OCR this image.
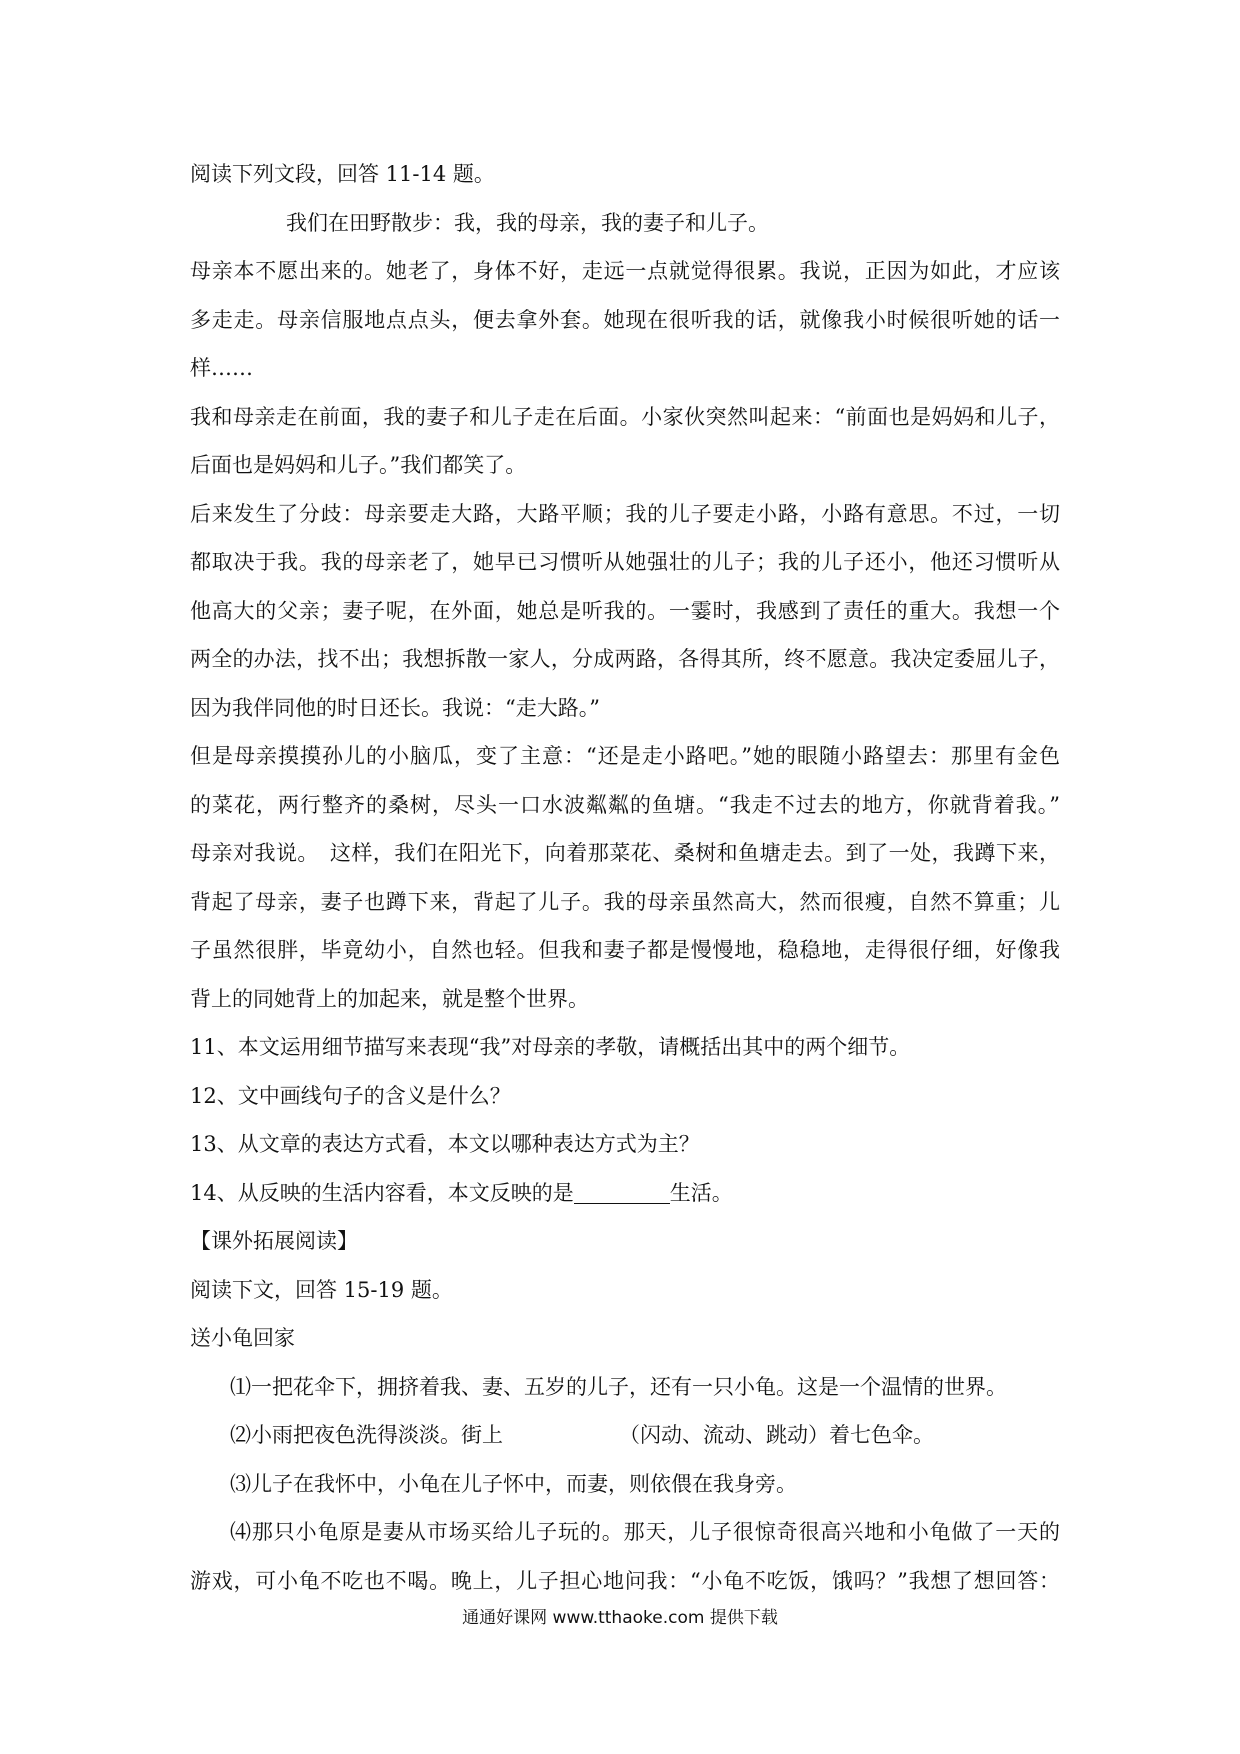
阅读下列文段，回答 11-14 题。
我们在田野散步：我，我的母亲，我的妻子和儿子。
母亲本不愿出来的。她老了，身体不好，走远一点就觉得很累。我说，正因为如此，才应该
多走走。母亲信服地点点头，便去拿外套。她现在很听我的话，就像我小时候很听她的话一
样……
我和母亲走在前面，我的妻子和儿子走在后面。小家伙突然叫起来：“前面也是妈妈和儿子，
后面也是妈妈和儿子。”我们都笑了。
后来发生了分歧：母亲要走大路，大路平顺；我的儿子要走小路，小路有意思。不过，一切
都取决于我。我的母亲老了，她早已习惯听从她强壮的儿子；我的儿子还小，他还习惯听从
他高大的父亲；妻子呢，在外面，她总是听我的。一霎时，我感到了责任的重大。我想一个
两全的办法，找不出；我想拆散一家人，分成两路，各得其所，终不愿意。我决定委屈儿子，
因为我伴同他的时日还长。我说：“走大路。”
但是母亲摸摸孙儿的小脑瓜，变了主意：“还是走小路吧。”她的眼随小路望去：那里有金色
的菜花，两行整齐的桑树，尽头一口水波粼粼的鱼塘。“我走不过去的地方，你就背着我。”
母亲对我说。　这样，我们在阳光下，向着那菜花、桑树和鱼塘走去。到了一处，我蹲下来，
背起了母亲，妻子也蹲下来，背起了儿子。我的母亲虽然高大，然而很瘦，自然不算重；儿
子虽然很胖，毕竟幼小，自然也轻。但我和妻子都是慢慢地，稳稳地，走得很仔细，好像我
背上的同她背上的加起来，就是整个世界。
11、本文运用细节描写来表现“我”对母亲的孝敬，请概括出其中的两个细节。
12、文中画线句子的含义是什么？
13、从文章的表达方式看，本文以哪种表达方式为主？
14、从反映的生活内容看，本文反映的是	生活。
【课外拓展阅读】
阅读下文，回答 15-19 题。
送小龟回家
⑴一把花伞下，拥挤着我、妻、五岁的儿子，还有一只小龟。这是一个温情的世界。
⑵小雨把夜色洗得淡淡。街上	（闪动、流动、跳动）着七色伞。
⑶儿子在我怀中，小龟在儿子怀中，而妻，则依偎在我身旁。
⑷那只小龟原是妻从市场买给儿子玩的。那天，儿子很惊奇很高兴地和小龟做了一天的
游戏，可小龟不吃也不喝。晚上，儿子担心地问我：“小龟不吃饭，饿吗？”我想了想回答：
通通好课网 www.tthaoke.com 提供下载
